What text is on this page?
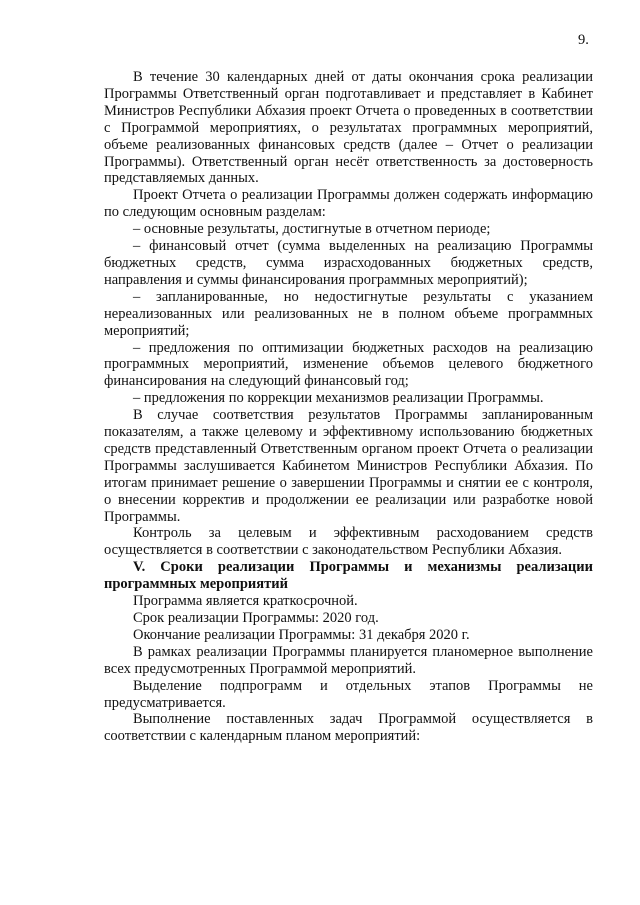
9.

В течение 30 календарных дней от даты окончания срока реализации Программы Ответственный орган подготавливает и представляет в Кабинет Министров Республики Абхазия проект Отчета о проведенных в соответствии с Программой мероприятиях, о результатах программных мероприятий, объеме реализованных финансовых средств (далее – Отчет о реализации Программы). Ответственный орган несёт ответственность за достоверность представляемых данных.

Проект Отчета о реализации Программы должен содержать информацию по следующим основным разделам:

– основные результаты, достигнутые в отчетном периоде;

– финансовый отчет (сумма выделенных на реализацию Программы бюджетных средств, сумма израсходованных бюджетных средств, направления и суммы финансирования программных мероприятий);

– запланированные, но недостигнутые результаты с указанием нереализованных или реализованных не в полном объеме программных мероприятий;

– предложения по оптимизации бюджетных расходов на реализацию программных мероприятий, изменение объемов целевого бюджетного финансирования на следующий финансовый год;

– предложения по коррекции механизмов реализации Программы.

В случае соответствия результатов Программы запланированным показателям, а также целевому и эффективному использованию бюджетных средств представленный Ответственным органом проект Отчета о реализации Программы заслушивается Кабинетом Министров Республики Абхазия. По итогам принимает решение о завершении Программы и снятии ее с контроля, о внесении корректив и продолжении ее реализации или разработке новой Программы.

Контроль за целевым и эффективным расходованием средств осуществляется в соответствии с законодательством Республики Абхазия.

V. Сроки реализации Программы и механизмы реализации программных мероприятий

Программа является краткосрочной.

Срок реализации Программы: 2020 год.

Окончание реализации Программы: 31 декабря 2020 г.

В рамках реализации Программы планируется планомерное выполнение всех предусмотренных Программой мероприятий.

Выделение подпрограмм и отдельных этапов Программы не предусматривается.

Выполнение поставленных задач Программой осуществляется в соответствии с календарным планом мероприятий:
